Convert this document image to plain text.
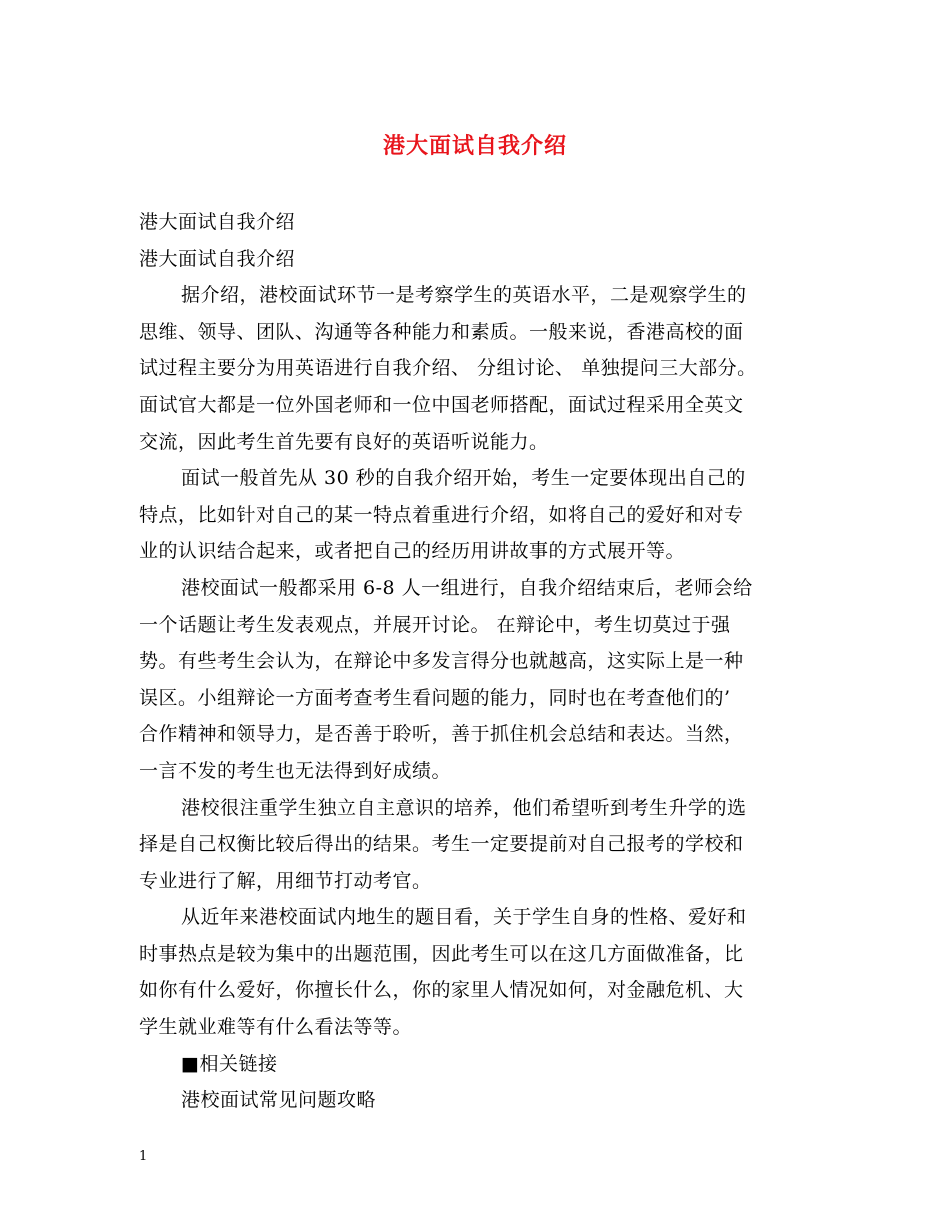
港大面试自我介绍
港大面试自我介绍
港大面试自我介绍
据介绍，港校面试环节一是考察学生的英语水平，二是观察学生的
思维、领导、团队、沟通等各种能力和素质。一般来说，香港高校的面
试过程主要分为用英语进行自我介绍、 分组讨论、 单独提问三大部分。
面试官大都是一位外国老师和一位中国老师搭配，面试过程采用全英文
交流，因此考生首先要有良好的英语听说能力。
面试一般首先从 30 秒的自我介绍开始，考生一定要体现出自己的
特点，比如针对自己的某一特点着重进行介绍，如将自己的爱好和对专
业的认识结合起来，或者把自己的经历用讲故事的方式展开等。
港校面试一般都采用 6-8 人一组进行，自我介绍结束后，老师会给
一个话题让考生发表观点，并展开讨论。 在辩论中，考生切莫过于强
势。有些考生会认为，在辩论中多发言得分也就越高，这实际上是一种
误区。小组辩论一方面考查考生看问题的能力，同时也在考查他们的’
合作精神和领导力，是否善于聆听，善于抓住机会总结和表达。当然，
一言不发的考生也无法得到好成绩。
港校很注重学生独立自主意识的培养，他们希望听到考生升学的选
择是自己权衡比较后得出的结果。考生一定要提前对自己报考的学校和
专业进行了解，用细节打动考官。
从近年来港校面试内地生的题目看，关于学生自身的性格、爱好和
时事热点是较为集中的出题范围，因此考生可以在这几方面做准备，比
如你有什么爱好，你擅长什么，你的家里人情况如何，对金融危机、大
学生就业难等有什么看法等等。
■相关链接
港校面试常见问题攻略
1
